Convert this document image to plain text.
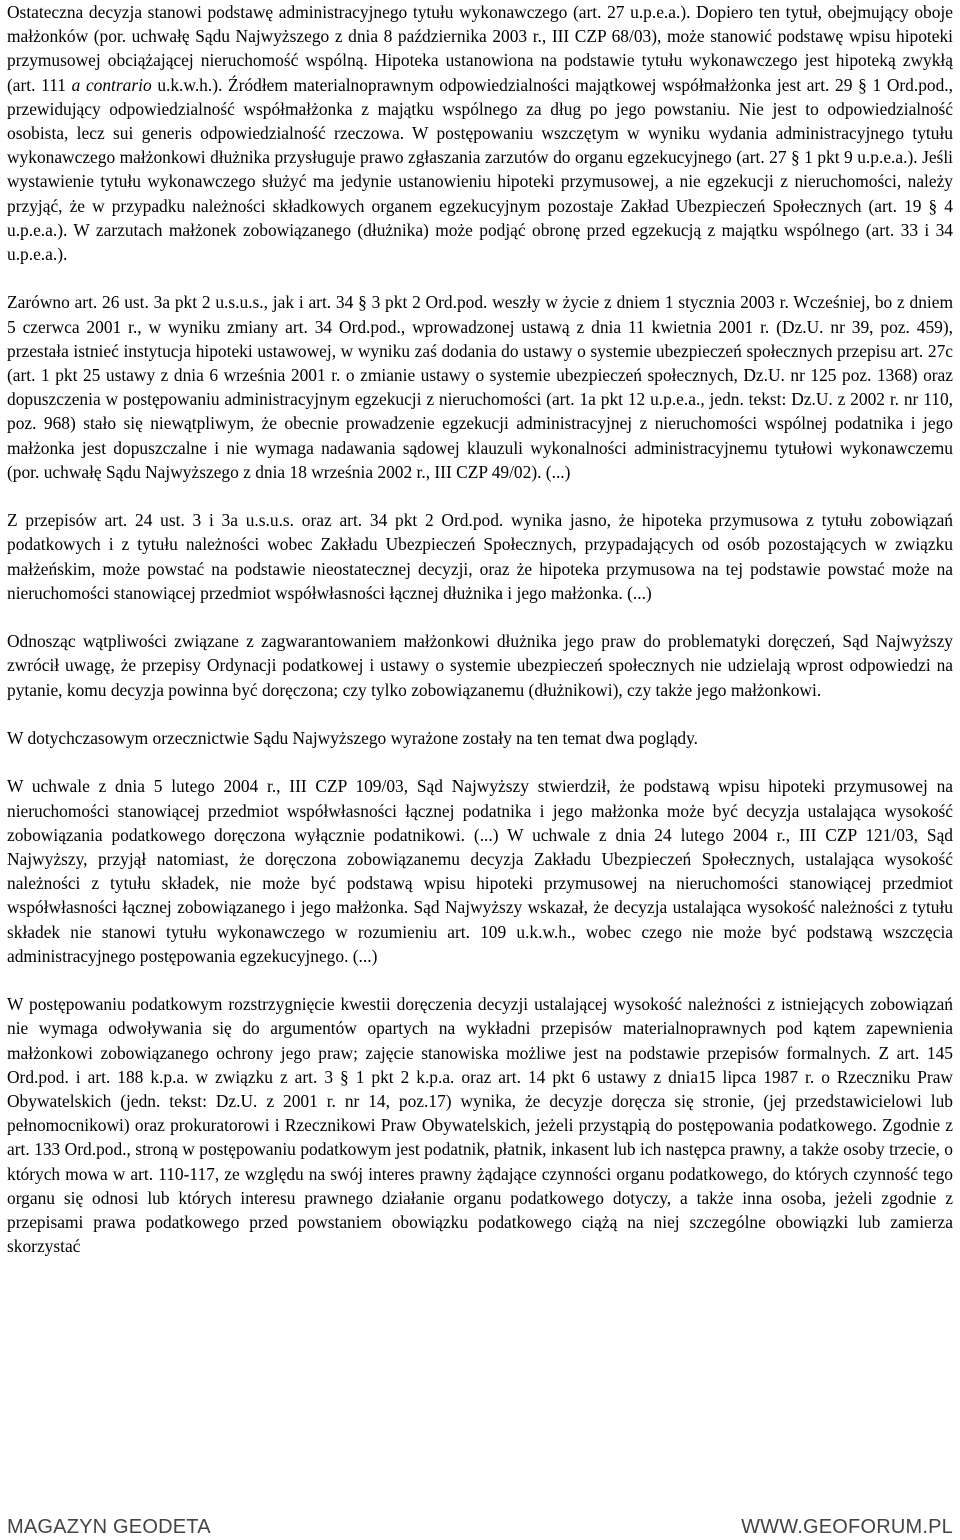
Ostateczna decyzja stanowi podstawę administracyjnego tytułu wykonawczego (art. 27 u.p.e.a.). Dopiero ten tytuł, obejmujący oboje małżonków (por. uchwałę Sądu Najwyższego z dnia 8 października 2003 r., III CZP 68/03), może stanowić podstawę wpisu hipoteki przymusowej obciążającej nieruchomość wspólną. Hipoteka ustanowiona na podstawie tytułu wykonawczego jest hipoteką zwykłą (art. 111 a contrario u.k.w.h.). Źródłem materialnoprawnym odpowiedzialności majątkowej współmałżonka jest art. 29 § 1 Ord.pod., przewidujący odpowiedzialność współmałżonka z majątku wspólnego za dług po jego powstaniu. Nie jest to odpowiedzialność osobista, lecz sui generis odpowiedzialność rzeczowa. W postępowaniu wszczętym w wyniku wydania administracyjnego tytułu wykonawczego małżonkowi dłużnika przysługuje prawo zgłaszania zarzutów do organu egzekucyjnego (art. 27 § 1 pkt 9 u.p.e.a.). Jeśli wystawienie tytułu wykonawczego służyć ma jedynie ustanowieniu hipoteki przymusowej, a nie egzekucji z nieruchomości, należy przyjąć, że w przypadku należności składkowych organem egzekucyjnym pozostaje Zakład Ubezpieczeń Społecznych (art. 19 § 4 u.p.e.a.). W zarzutach małżonek zobowiązanego (dłużnika) może podjąć obronę przed egzekucją z majątku wspólnego (art. 33 i 34 u.p.e.a.).

Zarówno art. 26 ust. 3a pkt 2 u.s.u.s., jak i art. 34 § 3 pkt 2 Ord.pod. weszły w życie z dniem 1 stycznia 2003 r. Wcześniej, bo z dniem 5 czerwca 2001 r., w wyniku zmiany art. 34 Ord.pod., wprowadzonej ustawą z dnia 11 kwietnia 2001 r. (Dz.U. nr 39, poz. 459), przestała istnieć instytucja hipoteki ustawowej, w wyniku zaś dodania do ustawy o systemie ubezpieczeń społecznych przepisu art. 27c (art. 1 pkt 25 ustawy z dnia 6 września 2001 r. o zmianie ustawy o systemie ubezpieczeń społecznych, Dz.U. nr 125 poz. 1368) oraz dopuszczenia w postępowaniu administracyjnym egzekucji z nieruchomości (art. 1a pkt 12 u.p.e.a., jedn. tekst: Dz.U. z 2002 r. nr 110, poz. 968) stało się niewątpliwym, że obecnie prowadzenie egzekucji administracyjnej z nieruchomości wspólnej podatnika i jego małżonka jest dopuszczalne i nie wymaga nadawania sądowej klauzuli wykonalności administracyjnemu tytułowi wykonawczemu (por. uchwałę Sądu Najwyższego z dnia 18 września 2002 r., III CZP 49/02). (...)

Z przepisów art. 24 ust. 3 i 3a u.s.u.s. oraz art. 34 pkt 2 Ord.pod. wynika jasno, że hipoteka przymusowa z tytułu zobowiązań podatkowych i z tytułu należności wobec Zakładu Ubezpieczeń Społecznych, przypadających od osób pozostających w związku małżeńskim, może powstać na podstawie nieostatecznej decyzji, oraz że hipoteka przymusowa na tej podstawie powstać może na nieruchomości stanowiącej przedmiot współwłasności łącznej dłużnika i jego małżonka. (...)

Odnosząc wątpliwości związane z zagwarantowaniem małżonkowi dłużnika jego praw do problematyki doręczeń, Sąd Najwyższy zwrócił uwagę, że przepisy Ordynacji podatkowej i ustawy o systemie ubezpieczeń społecznych nie udzielają wprost odpowiedzi na pytanie, komu decyzja powinna być doręczona; czy tylko zobowiązanemu (dłużnikowi), czy także jego małżonkowi.

W dotychczasowym orzecznictwie Sądu Najwyższego wyrażone zostały na ten temat dwa poglądy.

W uchwale z dnia 5 lutego 2004 r., III CZP 109/03, Sąd Najwyższy stwierdził, że podstawą wpisu hipoteki przymusowej na nieruchomości stanowiącej przedmiot współwłasności łącznej podatnika i jego małżonka może być decyzja ustalająca wysokość zobowiązania podatkowego doręczona wyłącznie podatnikowi. (...) W uchwale z dnia 24 lutego 2004 r., III CZP 121/03, Sąd Najwyższy, przyjął natomiast, że doręczona zobowiązanemu decyzja Zakładu Ubezpieczeń Społecznych, ustalająca wysokość należności z tytułu składek, nie może być podstawą wpisu hipoteki przymusowej na nieruchomości stanowiącej przedmiot współwłasności łącznej zobowiązanego i jego małżonka. Sąd Najwyższy wskazał, że decyzja ustalająca wysokość należności z tytułu składek nie stanowi tytułu wykonawczego w rozumieniu art. 109 u.k.w.h., wobec czego nie może być podstawą wszczęcia administracyjnego postępowania egzekucyjnego. (...)

W postępowaniu podatkowym rozstrzygnięcie kwestii doręczenia decyzji ustalającej wysokość należności z istniejących zobowiązań nie wymaga odwoływania się do argumentów opartych na wykładni przepisów materialnoprawnych pod kątem zapewnienia małżonkowi zobowiązanego ochrony jego praw; zajęcie stanowiska możliwe jest na podstawie przepisów formalnych. Z art. 145 Ord.pod. i art. 188 k.p.a. w związku z art. 3 § 1 pkt 2 k.p.a. oraz art. 14 pkt 6 ustawy z dnia15 lipca 1987 r. o Rzeczniku Praw Obywatelskich (jedn. tekst: Dz.U. z 2001 r. nr 14, poz.17) wynika, że decyzje doręcza się stronie, (jej przedstawicielowi lub pełnomocnikowi) oraz prokuratorowi i Rzecznikowi Praw Obywatelskich, jeżeli przystąpią do postępowania podatkowego. Zgodnie z art. 133 Ord.pod., stroną w postępowaniu podatkowym jest podatnik, płatnik, inkasent lub ich następca prawny, a także osoby trzecie, o których mowa w art. 110-117, ze względu na swój interes prawny żądające czynności organu podatkowego, do których czynność tego organu się odnosi lub których interesu prawnego działanie organu podatkowego dotyczy, a także inna osoba, jeżeli zgodnie z przepisami prawa podatkowego przed powstaniem obowiązku podatkowego ciążą na niej szczególne obowiązki lub zamierza skorzystać

MAGAZYN GEODETA	WWW.GEOFORUM.PL
